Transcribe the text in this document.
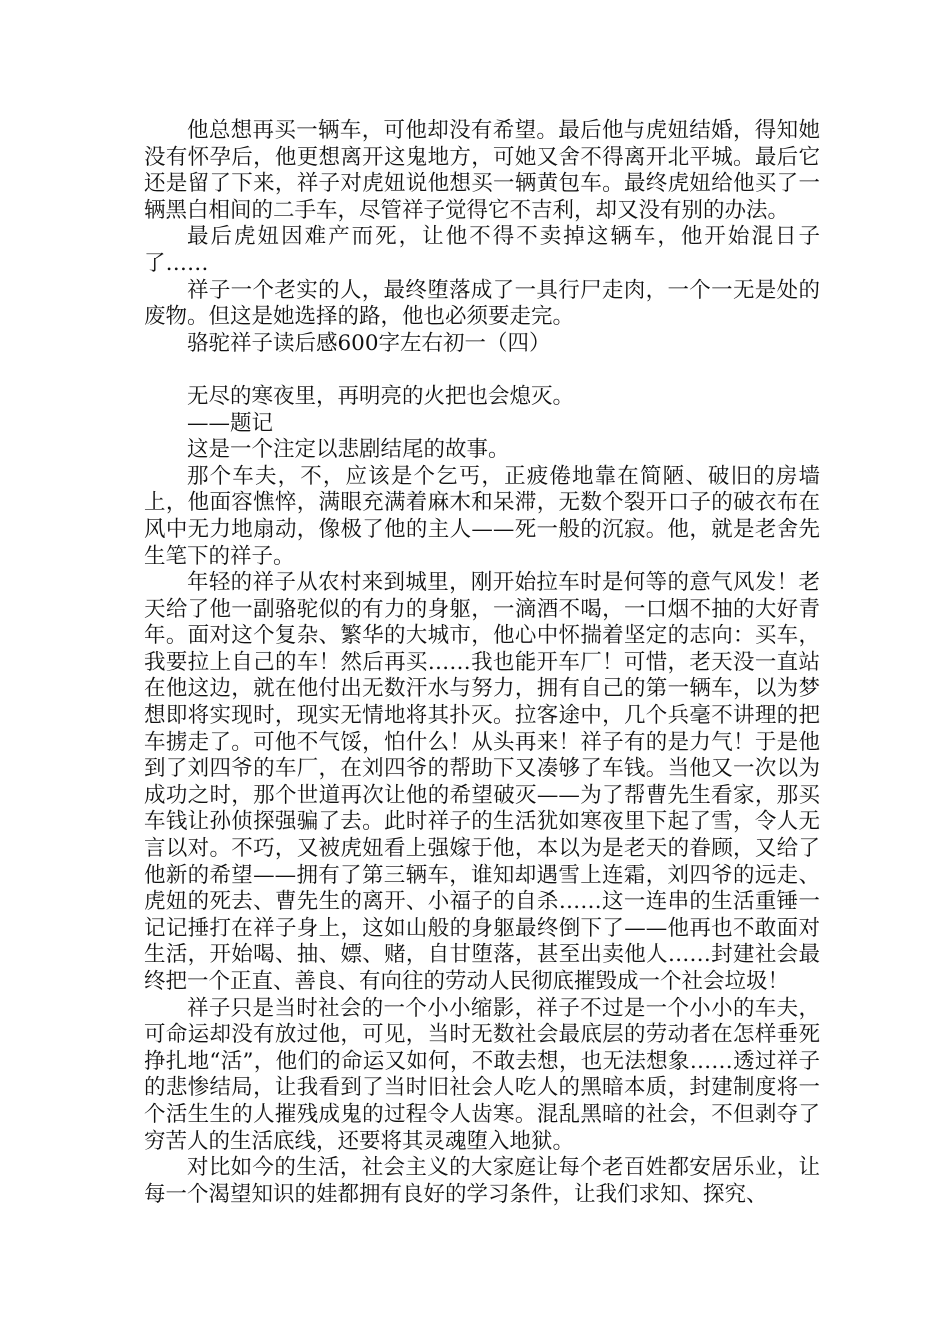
他总想再买一辆车，可他却没有希望。最后他与虎妞结婚，得知她没有怀孕后，他更想离开这鬼地方，可她又舍不得离开北平城。最后它还是留了下来，祥子对虎妞说他想买一辆黄包车。最终虎妞给他买了一辆黑白相间的二手车，尽管祥子觉得它不吉利，却又没有别的办法。

最后虎妞因难产而死，让他不得不卖掉这辆车，他开始混日子了……

祥子一个老实的人，最终堕落成了一具行尸走肉，一个一无是处的废物。但这是她选择的路，他也必须要走完。

骆驼祥子读后感600字左右初一（四）

无尽的寒夜里，再明亮的火把也会熄灭。

——题记

这是一个注定以悲剧结尾的故事。

那个车夫，不，应该是个乞丐，正疲倦地靠在简陋、破旧的房墙上，他面容憔悴，满眼充满着麻木和呆滞，无数个裂开口子的破衣布在风中无力地扇动，像极了他的主人——死一般的沉寂。他，就是老舍先生笔下的祥子。

年轻的祥子从农村来到城里，刚开始拉车时是何等的意气风发！老天给了他一副骆驼似的有力的身躯，一滴酒不喝，一口烟不抽的大好青年。面对这个复杂、繁华的大城市，他心中怀揣着坚定的志向：买车，我要拉上自己的车！然后再买……我也能开车厂！可惜，老天没一直站在他这边，就在他付出无数汗水与努力，拥有自己的第一辆车，以为梦想即将实现时，现实无情地将其扑灭。拉客途中，几个兵毫不讲理的把车掳走了。可他不气馁，怕什么！从头再来！祥子有的是力气！于是他到了刘四爷的车厂，在刘四爷的帮助下又凑够了车钱。当他又一次以为成功之时，那个世道再次让他的希望破灭——为了帮曹先生看家，那买车钱让孙侦探强骗了去。此时祥子的生活犹如寒夜里下起了雪，令人无言以对。不巧，又被虎妞看上强嫁于他，本以为是老天的眷顾，又给了他新的希望——拥有了第三辆车，谁知却遇雪上连霜，刘四爷的远走、虎妞的死去、曹先生的离开、小福子的自杀……这一连串的生活重锤一记记捶打在祥子身上，这如山般的身躯最终倒下了——他再也不敢面对生活，开始喝、抽、嫖、赌，自甘堕落，甚至出卖他人……封建社会最终把一个正直、善良、有向往的劳动人民彻底摧毁成一个社会垃圾！

祥子只是当时社会的一个小小缩影，祥子不过是一个小小的车夫，可命运却没有放过他，可见，当时无数社会最底层的劳动者在怎样垂死挣扎地“活”，他们的命运又如何，不敢去想，也无法想象……透过祥子的悲惨结局，让我看到了当时旧社会人吃人的黑暗本质，封建制度将一个活生生的人摧残成鬼的过程令人齿寒。混乱黑暗的社会，不但剥夺了穷苦人的生活底线，还要将其灵魂堕入地狱。

对比如今的生活，社会主义的大家庭让每个老百姓都安居乐业，让每一个渴望知识的娃都拥有良好的学习条件，让我们求知、探究、
